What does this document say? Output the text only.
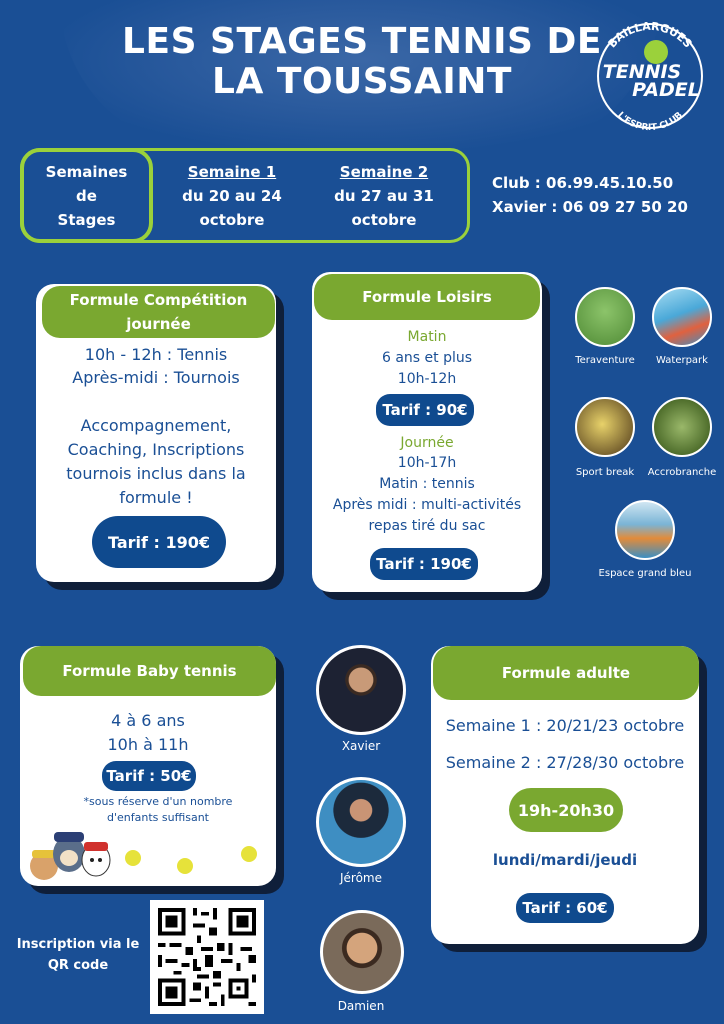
LES STAGES TENNIS DE
LA TOUSSAINT
BAILLARGUES
TENNIS
PADEL
L'ESPRIT CLUB
Semaines
de
Stages
Semaine 1
du 20 au 24
octobre
Semaine 2
du 27 au 31
octobre
Club : 06.99.45.10.50
Xavier : 06 09 27 50 20
Formule Compétition journée
10h - 12h : Tennis
Après-midi : Tournois
Accompagnement, Coaching, Inscriptions tournois inclus dans la formule !
Tarif : 190€
Formule Loisirs
Matin
6 ans et plus
10h-12h
Tarif : 90€
Journée
10h-17h
Matin : tennis
Après midi : multi-activités
repas tiré du sac
Tarif : 190€
Teraventure	Waterpark
Sport break	Accrobranche
Espace grand bleu
Formule Baby tennis
4 à 6 ans
10h à 11h
Tarif : 50€
*sous réserve d'un nombre d'enfants suffisant
Xavier
Jérôme
Damien
Formule adulte
Semaine 1 : 20/21/23 octobre
Semaine 2 : 27/28/30 octobre
19h-20h30
lundi/mardi/jeudi
Tarif : 60€
Inscription via le QR code
